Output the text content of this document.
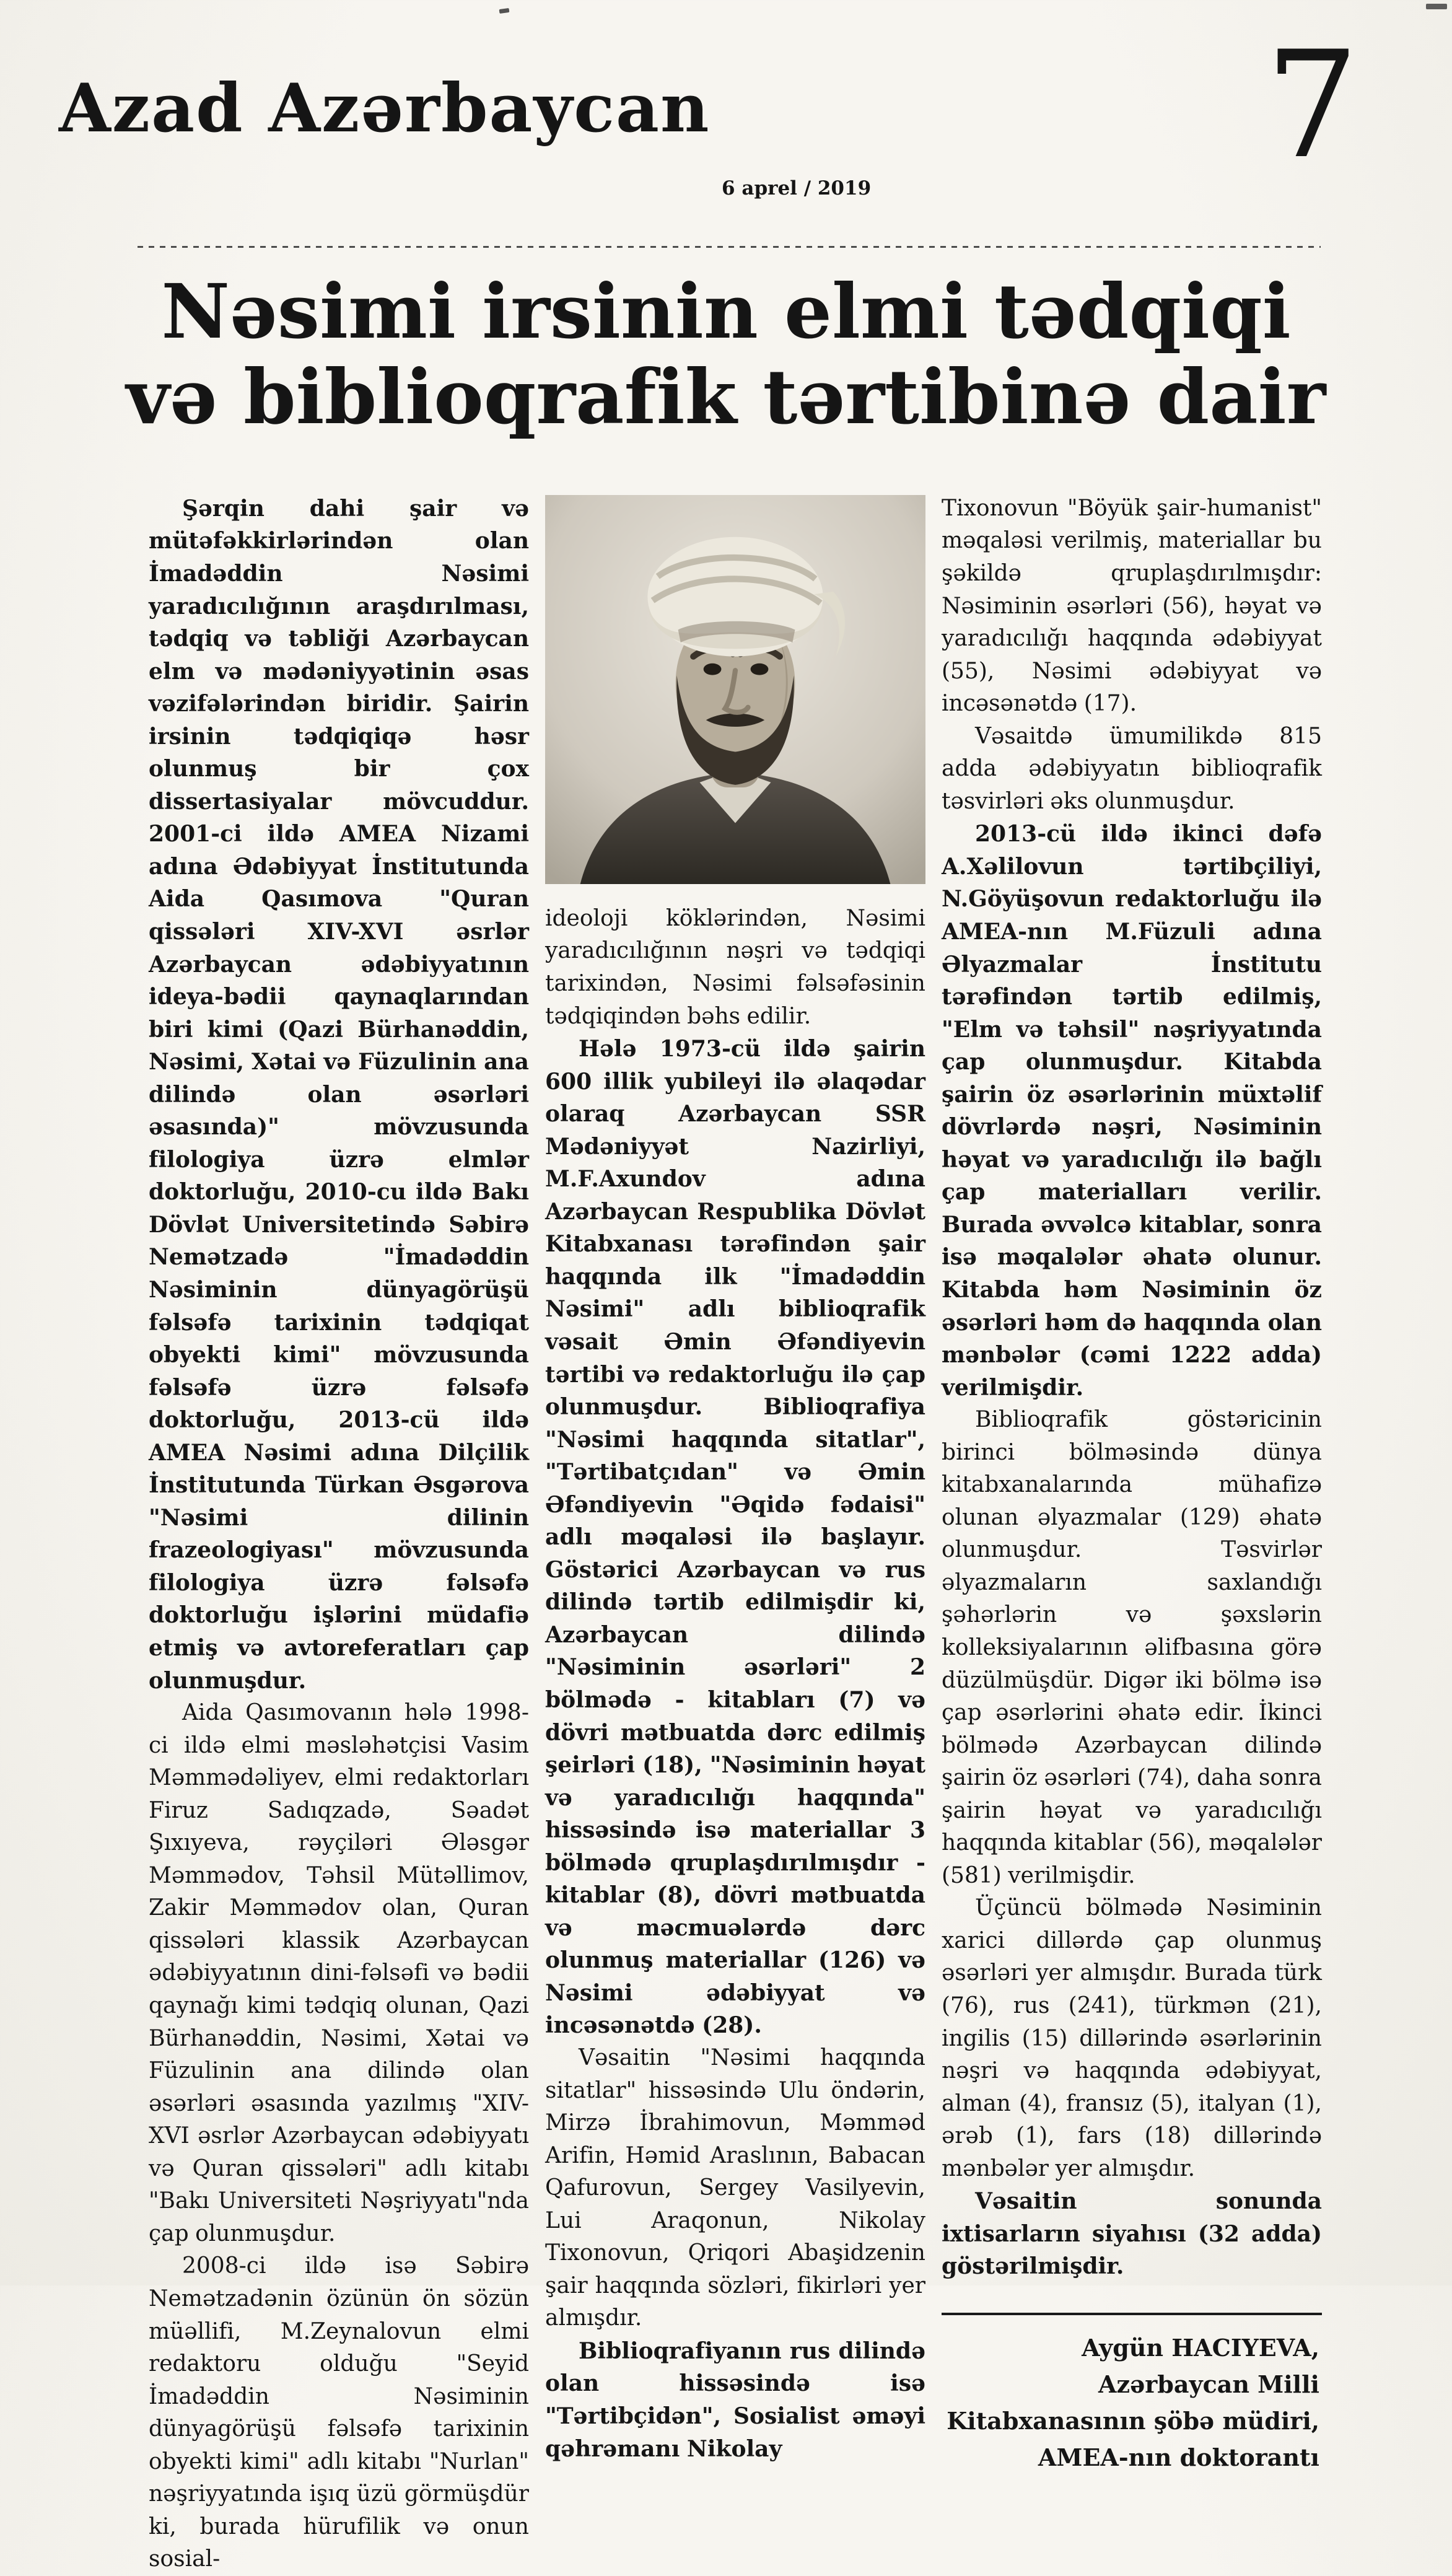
Azad Azərbaycan
6 aprel / 2019	7
Nəsimi irsinin elmi tədqiqi
və biblioqrafik tərtibinə dair

Şərqin dahi şair və mütəfəkkirlərindən olan İmadəddin Nəsimi yaradıcılığının araşdırılması, tədqiq və təbliği Azərbaycan elm və mədəniyyətinin əsas vəzifələrindən biridir. Şairin irsinin tədqiqiqə həsr olunmuş bir çox dissertasiyalar mövcuddur. 2001-ci ildə AMEA Nizami adına Ədəbiyyat İnstitutunda Aida Qasımova "Quran qissələri XIV-XVI əsrlər Azərbaycan ədəbiyyatının ideya-bədii qaynaqlarından biri kimi (Qazi Bürhanəddin, Nəsimi, Xətai və Füzulinin ana dilində olan əsərləri əsasında)" mövzusunda filologiya üzrə elmlər doktorluğu, 2010-cu ildə Bakı Dövlət Universitetində Səbirə Nemətzadə "İmadəddin Nəsiminin dünyagörüşü fəlsəfə tarixinin tədqiqat obyekti kimi" mövzusunda fəlsəfə üzrə fəlsəfə doktorluğu, 2013-cü ildə AMEA Nəsimi adına Dilçilik İnstitutunda Türkan Əsgərova "Nəsimi dilinin frazeologiyası" mövzusunda filologiya üzrə fəlsəfə doktorluğu işlərini müdafiə etmiş və avtoreferatları çap olunmuşdur.

Aida Qasımovanın hələ 1998-ci ildə elmi məsləhətçisi Vasim Məmmədəliyev, elmi redaktorları Firuz Sadıqzadə, Səadət Şıxıyeva, rəyçiləri Ələsgər Məmmədov, Təhsil Mütəllimov, Zakir Məmmədov olan, Quran qissələri klassik Azərbaycan ədəbiyyatının dini-fəlsəfi və bədii qaynağı kimi tədqiq olunan, Qazi Bürhanəddin, Nəsimi, Xətai və Füzulinin ana dilində olan əsərləri əsasında yazılmış "XIV-XVI əsrlər Azərbaycan ədəbiyyatı və Quran qissələri" adlı kitabı "Bakı Universiteti Nəşriyyatı"nda çap olunmuşdur.

2008-ci ildə isə Səbirə Nemətzadənin özünün ön sözün müəllifi, M.Zeynalovun elmi redaktoru olduğu "Seyid İmadəddin Nəsiminin dünyagörüşü fəlsəfə tarixinin obyekti kimi" adlı kitabı "Nurlan" nəşriyyatında işıq üzü görmüşdür ki, burada hürufilik və onun sosial-

ideoloji köklərindən, Nəsimi yaradıcılığının nəşri və tədqiqi tarixindən, Nəsimi fəlsəfəsinin tədqiqindən bəhs edilir.

Hələ 1973-cü ildə şairin 600 illik yubileyi ilə əlaqədar olaraq Azərbaycan SSR Mədəniyyət Nazirliyi, M.F.Axundov adına Azərbaycan Respublika Dövlət Kitabxanası tərəfindən şair haqqında ilk "İmadəddin Nəsimi" adlı biblioqrafik vəsait Əmin Əfəndiyevin tərtibi və redaktorluğu ilə çap olunmuşdur. Biblioqrafiya "Nəsimi haqqında sitatlar", "Tərtibatçıdan" və Əmin Əfəndiyevin "Əqidə fədaisi" adlı məqaləsi ilə başlayır. Göstərici Azərbaycan və rus dilində tərtib edilmişdir ki, Azərbaycan dilində "Nəsiminin əsərləri" 2 bölmədə - kitabları (7) və dövri mətbuatda dərc edilmiş şeirləri (18), "Nəsiminin həyat və yaradıcılığı haqqında" hissəsində isə materiallar 3 bölmədə qruplaşdırılmışdır - kitablar (8), dövri mətbuatda və məcmuələrdə dərc olunmuş materiallar (126) və Nəsimi ədəbiyyat və incəsənətdə (28).

Vəsaitin "Nəsimi haqqında sitatlar" hissəsində Ulu öndərin, Mirzə İbrahimovun, Məmməd Arifin, Həmid Araslının, Babacan Qafurovun, Sergey Vasilyevin, Lui Araqonun, Nikolay Tixonovun, Qriqori Abaşidzenin şair haqqında sözləri, fikirləri yer almışdır.

Biblioqrafiyanın rus dilində olan hissəsində isə "Tərtibçidən", Sosialist əməyi qəhrəmanı Nikolay

Tixonovun "Böyük şair-humanist" məqaləsi verilmiş, materiallar bu şəkildə qruplaşdırılmışdır: Nəsiminin əsərləri (56), həyat və yaradıcılığı haqqında ədəbiyyat (55), Nəsimi ədəbiyyat və incəsənətdə (17).

Vəsaitdə ümumilikdə 815 adda ədəbiyyatın biblioqrafik təsvirləri əks olunmuşdur.

2013-cü ildə ikinci dəfə A.Xəlilovun tərtibçiliyi, N.Göyüşovun redaktorluğu ilə AMEA-nın M.Füzuli adına Əlyazmalar İnstitutu tərəfindən tərtib edilmiş, "Elm və təhsil" nəşriyyatında çap olunmuşdur. Kitabda şairin öz əsərlərinin müxtəlif dövrlərdə nəşri, Nəsiminin həyat və yaradıcılığı ilə bağlı çap materialları verilir. Burada əvvəlcə kitablar, sonra isə məqalələr əhatə olunur. Kitabda həm Nəsiminin öz əsərləri həm də haqqında olan mənbələr (cəmi 1222 adda) verilmişdir.

Biblioqrafik göstəricinin birinci bölməsində dünya kitabxanalarında mühafizə olunan əlyazmalar (129) əhatə olunmuşdur. Təsvirlər əlyazmaların saxlandığı şəhərlərin və şəxslərin kolleksiyalarının əlifbasına görə düzülmüşdür. Digər iki bölmə isə çap əsərlərini əhatə edir. İkinci bölmədə Azərbaycan dilində şairin öz əsərləri (74), daha sonra şairin həyat və yaradıcılığı haqqında kitablar (56), məqalələr (581) verilmişdir.

Üçüncü bölmədə Nəsiminin xarici dillərdə çap olunmuş əsərləri yer almışdır. Burada türk (76), rus (241), türkmən (21), ingilis (15) dillərində əsərlərinin nəşri və haqqında ədəbiyyat, alman (4), fransız (5), italyan (1), ərəb (1), fars (18) dillərində mənbələr yer almışdır.

Vəsaitin sonunda ixtisarların siyahısı (32 adda) göstərilmişdir.

Aygün HACIYEVA,
Azərbaycan Milli
Kitabxanasının şöbə müdiri,
AMEA-nın doktorantı
